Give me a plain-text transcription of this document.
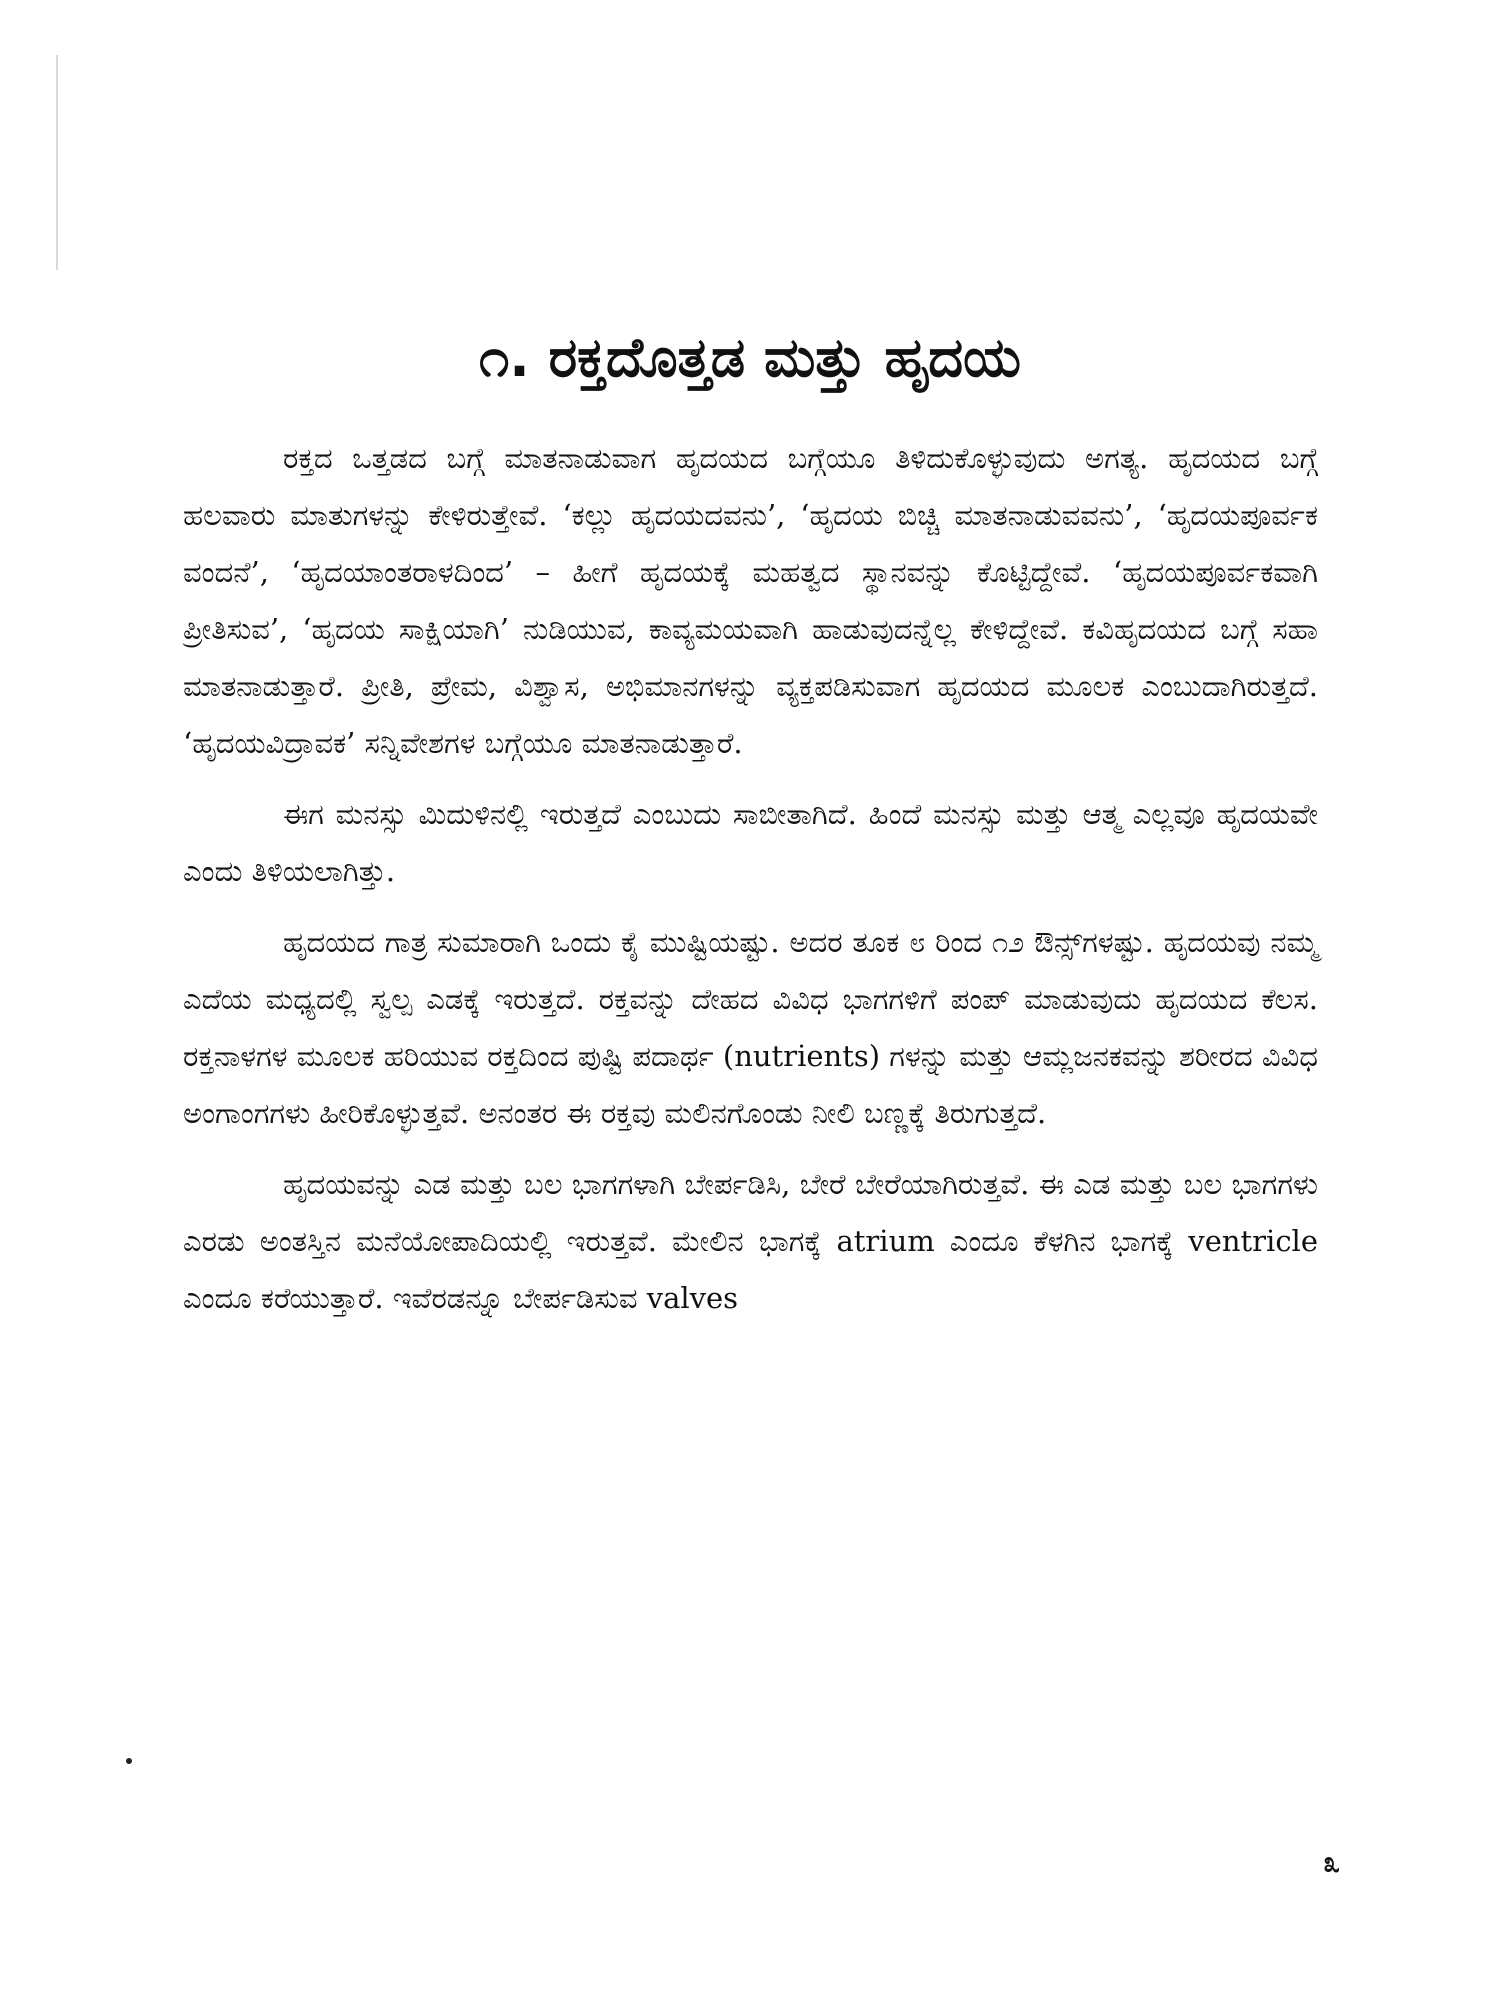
೧. ರಕ್ತದೊತ್ತಡ ಮತ್ತು ಹೃದಯ

ರಕ್ತದ ಒತ್ತಡದ ಬಗ್ಗೆ ಮಾತನಾಡುವಾಗ ಹೃದಯದ ಬಗ್ಗೆಯೂ ತಿಳಿದುಕೊಳ್ಳುವುದು ಅಗತ್ಯ. ಹೃದಯದ ಬಗ್ಗೆ ಹಲವಾರು ಮಾತುಗಳನ್ನು ಕೇಳಿರುತ್ತೇವೆ. ‘ಕಲ್ಲು ಹೃದಯದವನು’, ‘ಹೃದಯ ಬಿಚ್ಚಿ ಮಾತನಾಡುವವನು’, ‘ಹೃದಯಪೂರ್ವಕ ವಂದನೆ’, ‘ಹೃದಯಾಂತರಾಳದಿಂದ’ – ಹೀಗೆ ಹೃದಯಕ್ಕೆ ಮಹತ್ವದ ಸ್ಥಾನವನ್ನು ಕೊಟ್ಟಿದ್ದೇವೆ. ‘ಹೃದಯಪೂರ್ವಕವಾಗಿ ಪ್ರೀತಿಸುವ’, ‘ಹೃದಯ ಸಾಕ್ಷಿಯಾಗಿ’ ನುಡಿಯುವ, ಕಾವ್ಯಮಯವಾಗಿ ಹಾಡುವುದನ್ನೆಲ್ಲ ಕೇಳಿದ್ದೇವೆ. ಕವಿಹೃದಯದ ಬಗ್ಗೆ ಸಹಾ ಮಾತನಾಡುತ್ತಾರೆ. ಪ್ರೀತಿ, ಪ್ರೇಮ, ವಿಶ್ವಾಸ, ಅಭಿಮಾನಗಳನ್ನು ವ್ಯಕ್ತಪಡಿಸುವಾಗ ಹೃದಯದ ಮೂಲಕ ಎಂಬುದಾಗಿರುತ್ತದೆ. ‘ಹೃದಯವಿದ್ರಾವಕ’ ಸನ್ನಿವೇಶಗಳ ಬಗ್ಗೆಯೂ ಮಾತನಾಡುತ್ತಾರೆ.

ಈಗ ಮನಸ್ಸು ಮಿದುಳಿನಲ್ಲಿ ಇರುತ್ತದೆ ಎಂಬುದು ಸಾಬೀತಾಗಿದೆ. ಹಿಂದೆ ಮನಸ್ಸು ಮತ್ತು ಆತ್ಮ ಎಲ್ಲವೂ ಹೃದಯವೇ ಎಂದು ತಿಳಿಯಲಾಗಿತ್ತು.

ಹೃದಯದ ಗಾತ್ರ ಸುಮಾರಾಗಿ ಒಂದು ಕೈ ಮುಷ್ಟಿಯಷ್ಟು. ಅದರ ತೂಕ ೮ ರಿಂದ ೧೨ ಔನ್ಸ್‌ಗಳಷ್ಟು. ಹೃದಯವು ನಮ್ಮ ಎದೆಯ ಮಧ್ಯದಲ್ಲಿ ಸ್ವಲ್ಪ ಎಡಕ್ಕೆ ಇರುತ್ತದೆ. ರಕ್ತವನ್ನು ದೇಹದ ವಿವಿಧ ಭಾಗಗಳಿಗೆ ಪಂಪ್ ಮಾಡುವುದು ಹೃದಯದ ಕೆಲಸ. ರಕ್ತನಾಳಗಳ ಮೂಲಕ ಹರಿಯುವ ರಕ್ತದಿಂದ ಪುಷ್ಟಿ ಪದಾರ್ಥ (nutrients) ಗಳನ್ನು ಮತ್ತು ಆಮ್ಲಜನಕವನ್ನು ಶರೀರದ ವಿವಿಧ ಅಂಗಾಂಗಗಳು ಹೀರಿಕೊಳ್ಳುತ್ತವೆ. ಅನಂತರ ಈ ರಕ್ತವು ಮಲಿನಗೊಂಡು ನೀಲಿ ಬಣ್ಣಕ್ಕೆ ತಿರುಗುತ್ತದೆ.

ಹೃದಯವನ್ನು ಎಡ ಮತ್ತು ಬಲ ಭಾಗಗಳಾಗಿ ಬೇರ್ಪಡಿಸಿ, ಬೇರೆ ಬೇರೆಯಾಗಿರುತ್ತವೆ. ಈ ಎಡ ಮತ್ತು ಬಲ ಭಾಗಗಳು ಎರಡು ಅಂತಸ್ತಿನ ಮನೆಯೋಪಾದಿಯಲ್ಲಿ ಇರುತ್ತವೆ. ಮೇಲಿನ ಭಾಗಕ್ಕೆ atrium ಎಂದೂ ಕೆಳಗಿನ ಭಾಗಕ್ಕೆ ventricle ಎಂದೂ ಕರೆಯುತ್ತಾರೆ. ಇವೆರಡನ್ನೂ ಬೇರ್ಪಡಿಸುವ valves

೩
